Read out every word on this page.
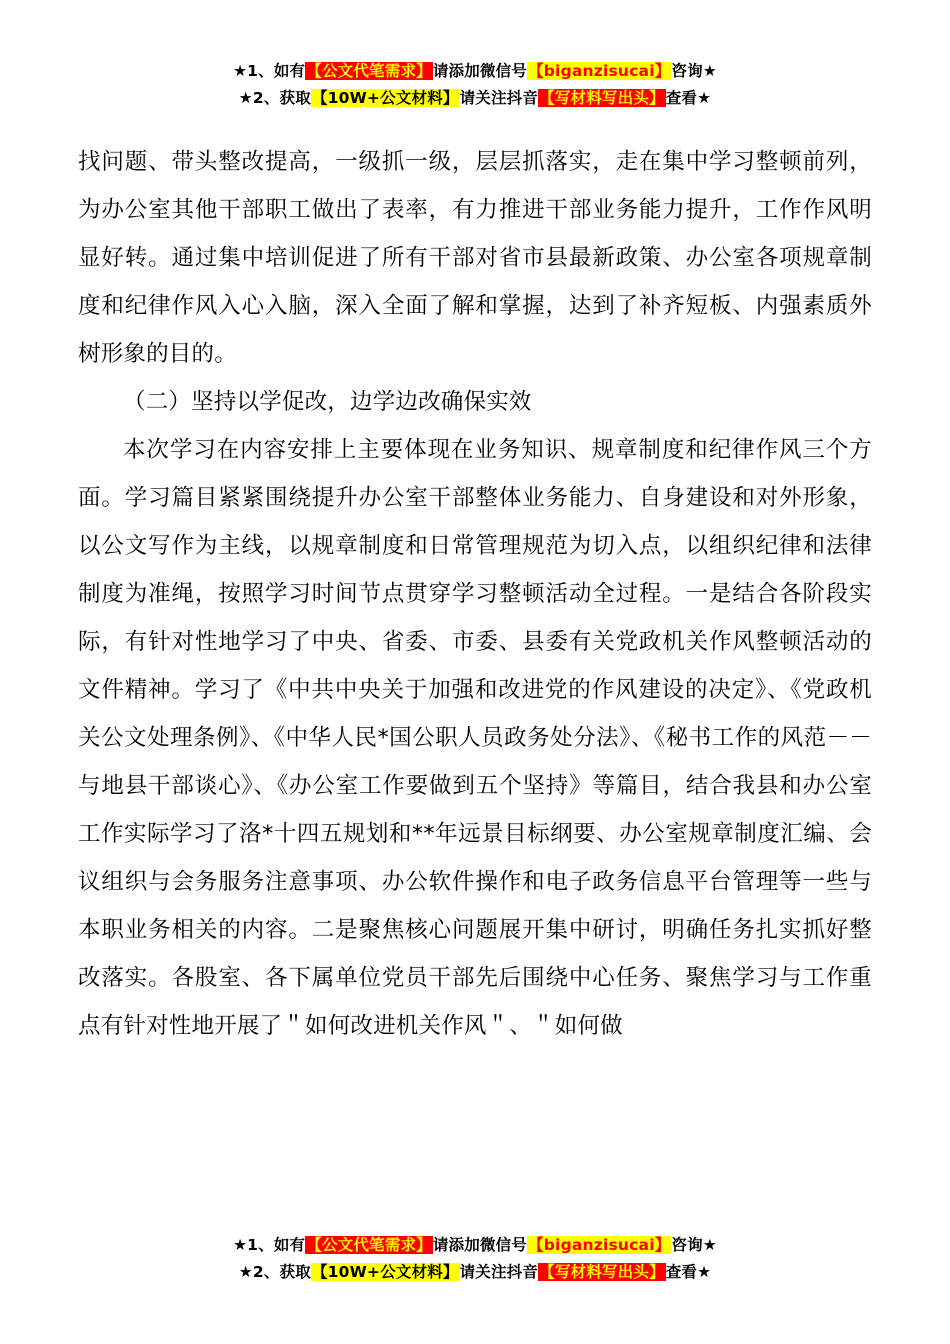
★1、如有【公文代笔需求】请添加微信号【biganzisucai】咨询★
★2、获取【10W+公文材料】请关注抖音【写材料写出头】查看★

找问题、带头整改提高，一级抓一级，层层抓落实，走在集中学习整顿前列，为办公室其他干部职工做出了表率，有力推进干部业务能力提升，工作作风明显好转。通过集中培训促进了所有干部对省市县最新政策、办公室各项规章制度和纪律作风入心入脑，深入全面了解和掌握，达到了补齐短板、内强素质外树形象的目的。

（二）坚持以学促改，边学边改确保实效

本次学习在内容安排上主要体现在业务知识、规章制度和纪律作风三个方面。学习篇目紧紧围绕提升办公室干部整体业务能力、自身建设和对外形象，以公文写作为主线，以规章制度和日常管理规范为切入点，以组织纪律和法律制度为准绳，按照学习时间节点贯穿学习整顿活动全过程。一是结合各阶段实际，有针对性地学习了中央、省委、市委、县委有关党政机关作风整顿活动的文件精神。学习了《中共中央关于加强和改进党的作风建设的决定》、《党政机关公文处理条例》、《中华人民*国公职人员政务处分法》、《秘书工作的风范－－与地县干部谈心》、《办公室工作要做到五个坚持》等篇目，结合我县和办公室工作实际学习了洛*十四五规划和**年远景目标纲要、办公室规章制度汇编、会议组织与会务服务注意事项、办公软件操作和电子政务信息平台管理等一些与本职业务相关的内容。二是聚焦核心问题展开集中研讨，明确任务扎实抓好整改落实。各股室、各下属单位党员干部先后围绕中心任务、聚焦学习与工作重点有针对性地开展了＂如何改进机关作风＂、＂如何做

★1、如有【公文代笔需求】请添加微信号【biganzisucai】咨询★
★2、获取【10W+公文材料】请关注抖音【写材料写出头】查看★
